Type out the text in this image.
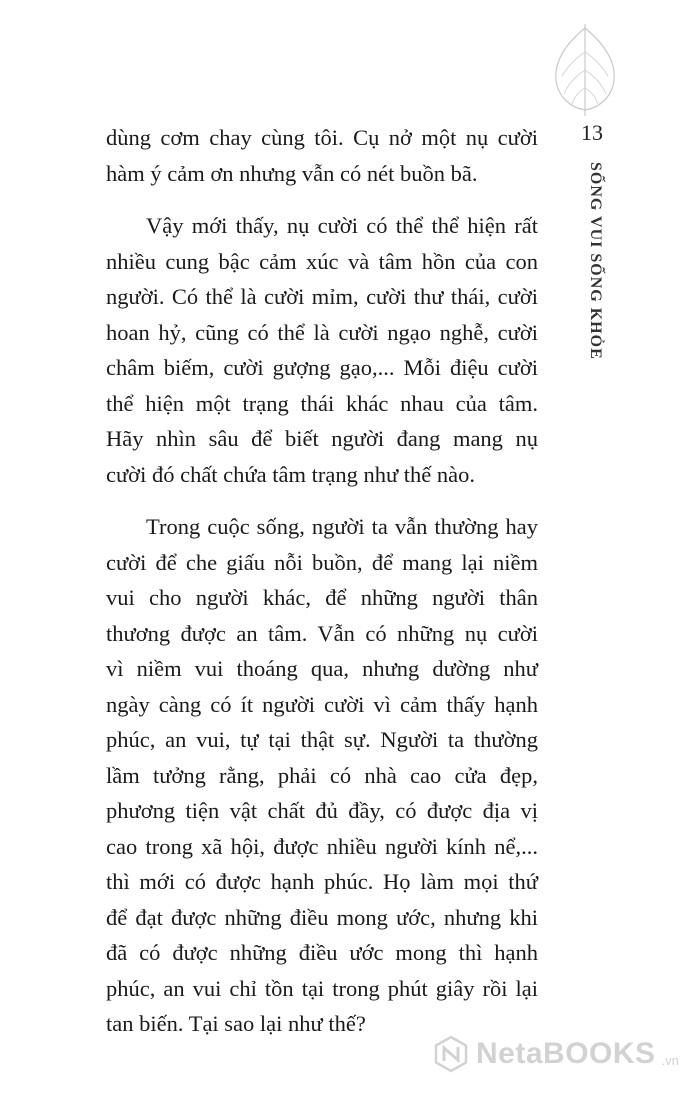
13
SỐNG VUI SỐNG KHỎE

dùng cơm chay cùng tôi. Cụ nở một nụ cười
hàm ý cảm ơn nhưng vẫn có nét buồn bã.

Vậy mới thấy, nụ cười có thể thể hiện rất
nhiều cung bậc cảm xúc và tâm hồn của con
người. Có thể là cười mỉm, cười thư thái, cười
hoan hỷ, cũng có thể là cười ngạo nghễ, cười
châm biếm, cười gượng gạo,... Mỗi điệu cười
thể hiện một trạng thái khác nhau của tâm.
Hãy nhìn sâu để biết người đang mang nụ
cười đó chất chứa tâm trạng như thế nào.

Trong cuộc sống, người ta vẫn thường hay
cười để che giấu nỗi buồn, để mang lại niềm
vui cho người khác, để những người thân
thương được an tâm. Vẫn có những nụ cười
vì niềm vui thoáng qua, nhưng dường như
ngày càng có ít người cười vì cảm thấy hạnh
phúc, an vui, tự tại thật sự. Người ta thường
lầm tưởng rằng, phải có nhà cao cửa đẹp,
phương tiện vật chất đủ đầy, có được địa vị
cao trong xã hội, được nhiều người kính nể,...
thì mới có được hạnh phúc. Họ làm mọi thứ
để đạt được những điều mong ước, nhưng khi
đã có được những điều ước mong thì hạnh
phúc, an vui chỉ tồn tại trong phút giây rồi lại
tan biến. Tại sao lại như thế?

NetaBOOKS .vn
